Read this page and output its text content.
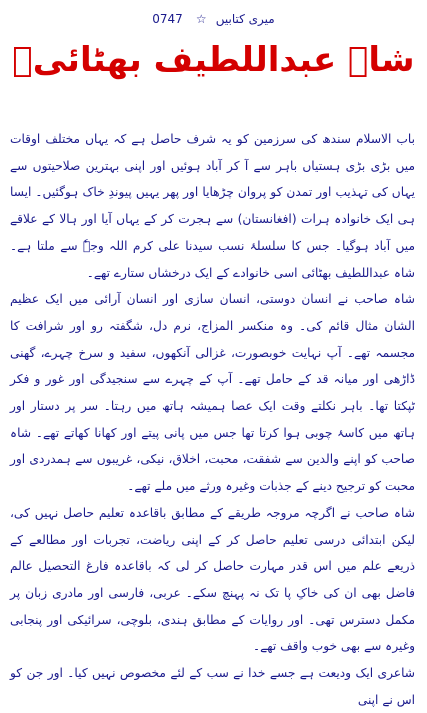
0747 ☆ میری کتابیں
شاہ عبداللطیف بھٹائیؒ

باب الاسلام سندھ کی سرزمین کو یہ شرف حاصل ہے کہ یہاں مختلف اوقات میں بڑی بڑی ہستیاں باہر سے آ کر آباد ہوئیں اور اپنی بہترین صلاحیتوں سے یہاں کی تہذیب اور تمدن کو پروان چڑھایا اور پھر یہیں پیوندِ خاک ہوگئیں۔ ایسا ہی ایک خانوادہ ہرات (افغانستان) سے ہجرت کر کے یہاں آیا اور ہالا کے علاقے میں آباد ہوگیا۔ جس کا سلسلۂ نسب سیدنا علی کرم اللہ وجہٗ سے ملتا ہے۔ شاہ عبداللطیف بھٹائی اسی خانوادے کے ایک درخشاں ستارے تھے۔

شاہ صاحب نے انسان دوستی، انسان سازی اور انسان آرائی میں ایک عظیم الشان مثال قائم کی۔ وہ منکسر المزاج، نرم دل، شگفتہ رو اور شرافت کا مجسمہ تھے۔ آپ نہایت خوبصورت، غزالی آنکھوں، سفید و سرخ چہرے، گھنی ڈاڑھی اور میانہ قد کے حامل تھے۔ آپ کے چہرے سے سنجیدگی اور غور و فکر ٹپکتا تھا۔ باہر نکلتے وقت ایک عصا ہمیشہ ہاتھ میں رہتا۔ سر پر دستار اور ہاتھ میں کاسۂ چوبی ہوا کرتا تھا جس میں پانی پیتے اور کھانا کھاتے تھے۔ شاہ صاحب کو اپنے والدین سے شفقت، محبت، اخلاق، نیکی، غریبوں سے ہمدردی اور محبت کو ترجیح دینے کے جذبات وغیرہ ورثے میں ملے تھے۔

شاہ صاحب نے اگرچہ مروجہ طریقے کے مطابق باقاعدہ تعلیم حاصل نہیں کی، لیکن ابتدائی درسی تعلیم حاصل کر کے اپنی ریاضت، تجربات اور مطالعے کے ذریعے علم میں اس قدر مہارت حاصل کر لی کہ باقاعدہ فارغ التحصیل عالم فاضل بھی ان کی خاکِ پا تک نہ پہنچ سکے۔ عربی، فارسی اور مادری زبان پر مکمل دسترس تھی۔ اور روایات کے مطابق ہندی، بلوچی، سرائیکی اور پنجابی وغیرہ سے بھی خوب واقف تھے۔

شاعری ایک ودیعت ہے جسے خدا نے سب کے لئے مخصوص نہیں کیا۔ اور جن کو اس نے اپنی
